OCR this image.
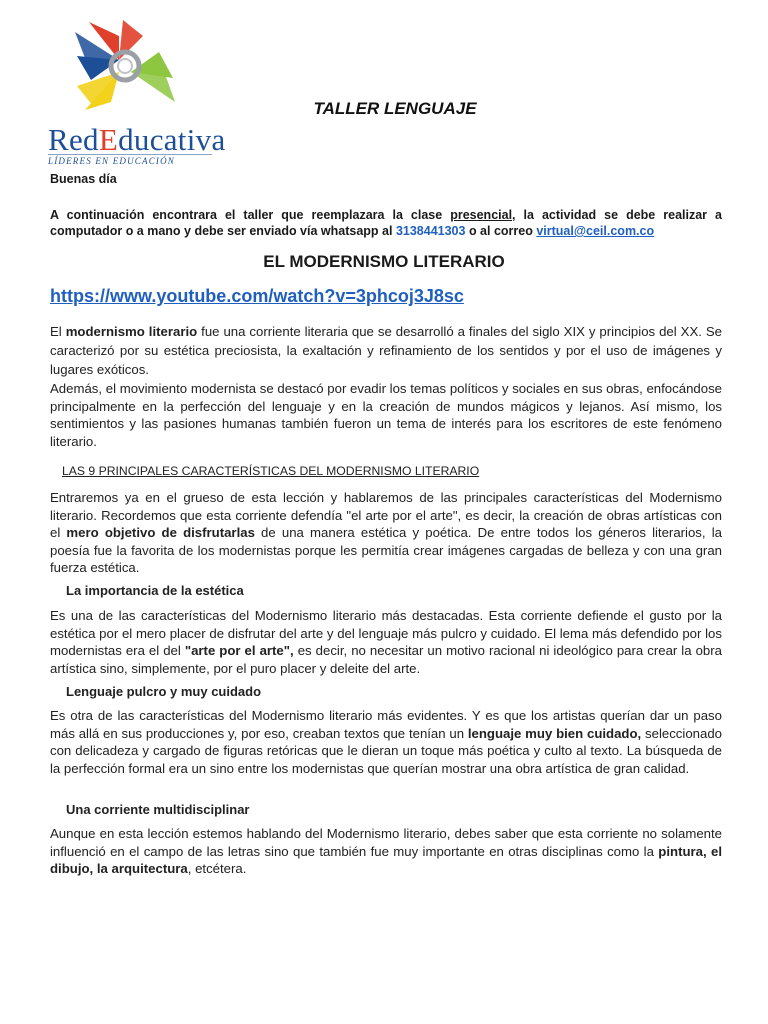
RedEducativa
LÍDERES EN EDUCACIÓN
TALLER LENGUAJE
Buenas día
A continuación encontrara el taller que reemplazara la clase presencial, la actividad se debe realizar a computador o a mano y debe ser enviado vía whatsapp al 3138441303 o al correo virtual@ceil.com.co
EL MODERNISMO LITERARIO
https://www.youtube.com/watch?v=3phcoj3J8sc

El modernismo literario fue una corriente literaria que se desarrolló a finales del siglo XIX y principios del XX. Se caracterizó por su estética preciosista, la exaltación y refinamiento de los sentidos y por el uso de imágenes y lugares exóticos.

Además, el movimiento modernista se destacó por evadir los temas políticos y sociales en sus obras, enfocándose principalmente en la perfección del lenguaje y en la creación de mundos mágicos y lejanos. Así mismo, los sentimientos y las pasiones humanas también fueron un tema de interés para los escritores de este fenómeno literario.
LAS 9 PRINCIPALES CARACTERÍSTICAS DEL MODERNISMO LITERARIO
Entraremos ya en el grueso de esta lección y hablaremos de las principales características del Modernismo literario. Recordemos que esta corriente defendía "el arte por el arte", es decir, la creación de obras artísticas con el mero objetivo de disfrutarlas de una manera estética y poética. De entre todos los géneros literarios, la poesía fue la favorita de los modernistas porque les permitía crear imágenes cargadas de belleza y con una gran fuerza estética.
La importancia de la estética
Es una de las características del Modernismo literario más destacadas. Esta corriente defiende el gusto por la estética por el mero placer de disfrutar del arte y del lenguaje más pulcro y cuidado. El lema más defendido por los modernistas era el del "arte por el arte", es decir, no necesitar un motivo racional ni ideológico para crear la obra artística sino, simplemente, por el puro placer y deleite del arte.
Lenguaje pulcro y muy cuidado
Es otra de las características del Modernismo literario más evidentes. Y es que los artistas querían dar un paso más allá en sus producciones y, por eso, creaban textos que tenían un lenguaje muy bien cuidado, seleccionado con delicadeza y cargado de figuras retóricas que le dieran un toque más poética y culto al texto. La búsqueda de la perfección formal era un sino entre los modernistas que querían mostrar una obra artística de gran calidad.
Una corriente multidisciplinar
Aunque en esta lección estemos hablando del Modernismo literario, debes saber que esta corriente no solamente influenció en el campo de las letras sino que también fue muy importante en otras disciplinas como la pintura, el dibujo, la arquitectura, etcétera.
